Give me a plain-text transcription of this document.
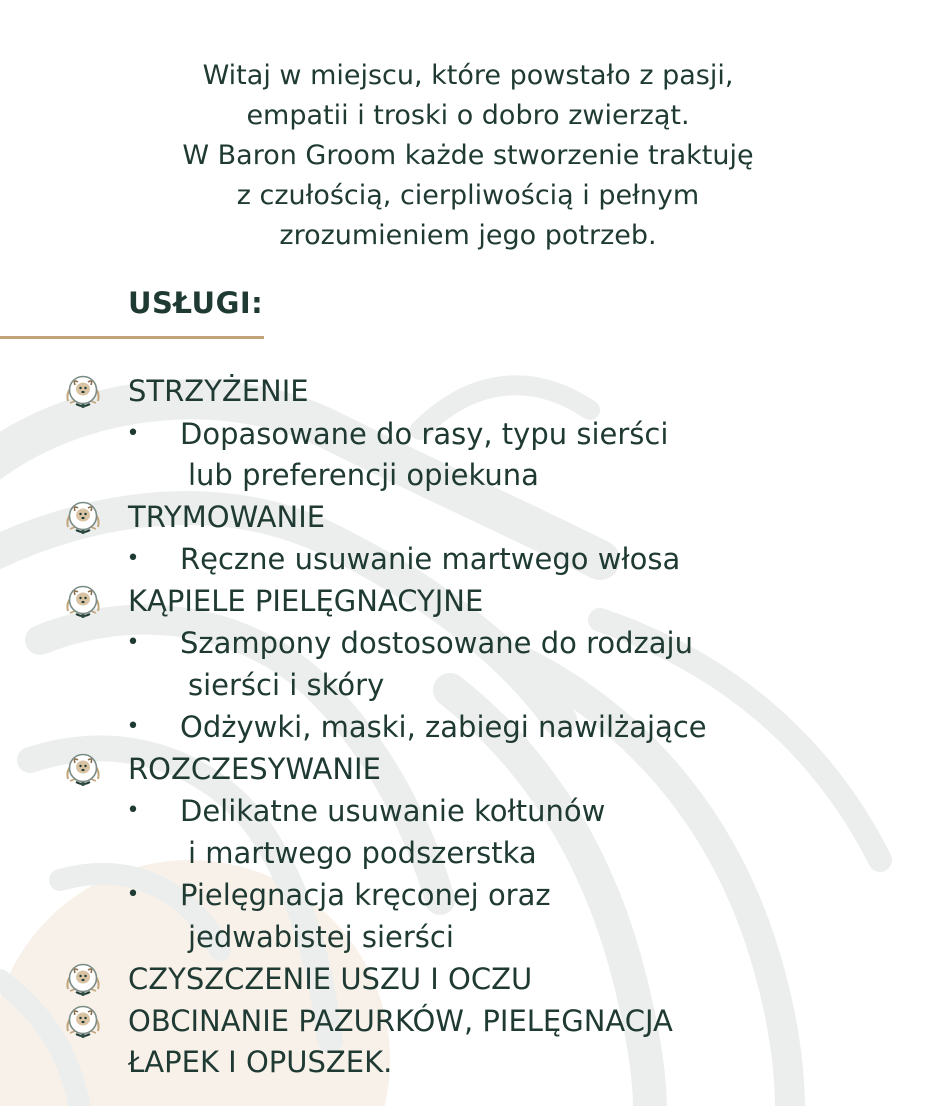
Witaj w miejscu, które powstało z pasji,
empatii i troski o dobro zwierząt.
W Baron Groom każde stworzenie traktuję
z czułością, cierpliwością i pełnym
zrozumieniem jego potrzeb.
USŁUGI:
STRZYŻENIE
• Dopasowane do rasy, typu sierści
lub preferencji opiekuna
TRYMOWANIE
• Ręczne usuwanie martwego włosa
KĄPIELE PIELĘGNACYJNE
• Szampony dostosowane do rodzaju
sierści i skóry
• Odżywki, maski, zabiegi nawilżające
ROZCZESYWANIE
• Delikatne usuwanie kołtunów
i martwego podszerstka
• Pielęgnacja kręconej oraz
jedwabistej sierści
CZYSZCZENIE USZU I OCZU
OBCINANIE PAZURKÓW, PIELĘGNACJA
ŁAPEK I OPUSZEK.
